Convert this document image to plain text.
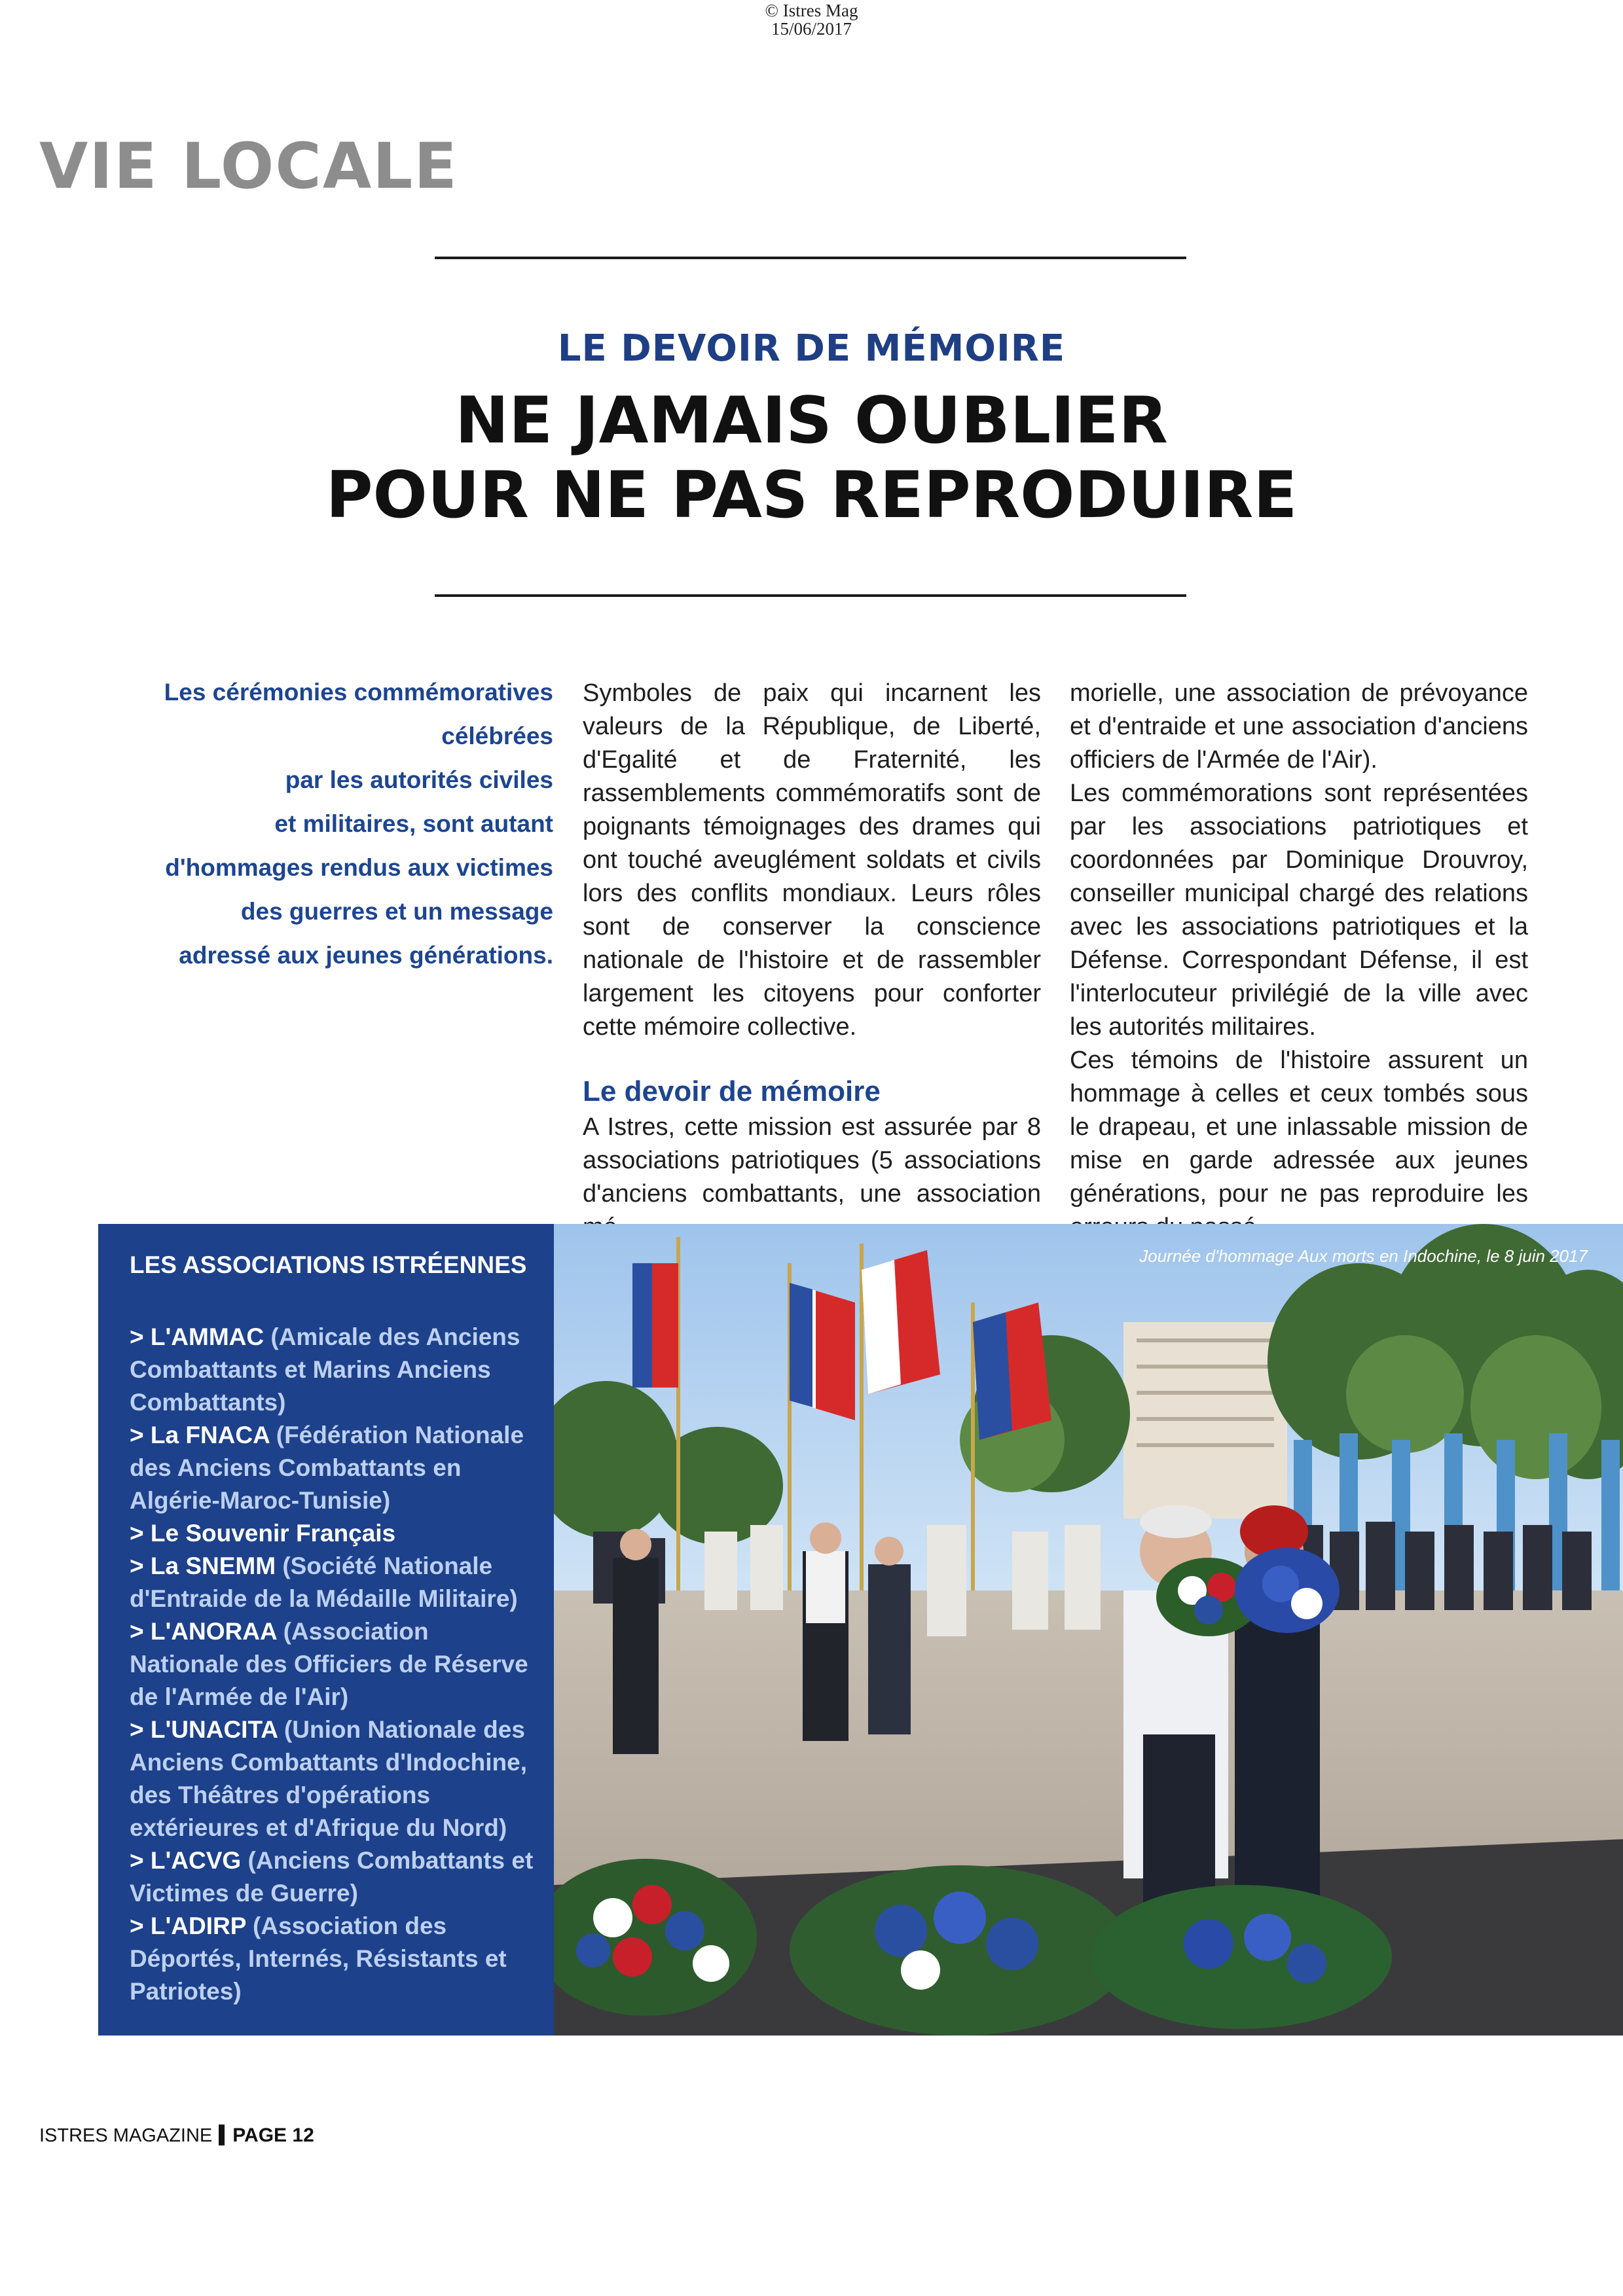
© Istres Mag
15/06/2017
VIE LOCALE
LE DEVOIR DE MÉMOIRE
NE JAMAIS OUBLIER
POUR NE PAS REPRODUIRE
Les cérémonies commémoratives célébrées
par les autorités civiles
et militaires, sont autant
d'hommages rendus aux victimes
des guerres et un message
adressé aux jeunes générations.

Symboles de paix qui incarnent les valeurs de la République, de Liberté, d'Egalité et de Fraternité, les rassemblements commémoratifs sont de poignants témoignages des drames qui ont touché aveuglément soldats et civils lors des conflits mondiaux. Leurs rôles sont de conserver la conscience nationale de l'histoire et de rassembler largement les citoyens pour conforter cette mémoire collective.

Le devoir de mémoire

A Istres, cette mission est assurée par 8 associations patriotiques (5 associations d'anciens combattants, une association

morielle, une association de prévoyance et d'entraide et une association d'anciens officiers de l'Armée de l'Air).

Les commémorations sont représentées par les associations patriotiques et coordonnées par Dominique Drouvroy, conseiller municipal chargé des relations avec les associations patriotiques et la Défense. Correspondant Défense, il est l'interlocuteur privilégié de la ville avec les autorités militaires.

Ces témoins de l'histoire assurent un hommage à celles et ceux tombés sous le drapeau, et une inlassable mission de mise en garde adressée aux jeunes générations, pour ne pas reproduire les

LES ASSOCIATIONS ISTRÉENNES
> L'AMMAC (Amicale des Anciens Combattants et Marins Anciens Combattants)
> La FNACA (Fédération Nationale des Anciens Combattants en Algérie-Maroc-Tunisie)
> Le Souvenir Français
> La SNEMM (Société Nationale d'Entraide de la Médaille Militaire)
> L'ANORAA (Association Nationale des Officiers de Réserve de l'Armée de l'Air)
> L'UNACITA (Union Nationale des Anciens Combattants d'Indochine, des Théâtres d'opérations extérieures et d'Afrique du Nord)
> L'ACVG (Anciens Combattants et Victimes de Guerre)
> L'ADIRP (Association des Déportés, Internés, Résistants et Patriotes)
Journée d'hommage Aux morts en Indochine, le 8 juin 2017
ISTRES MAGAZINE PAGE 12
